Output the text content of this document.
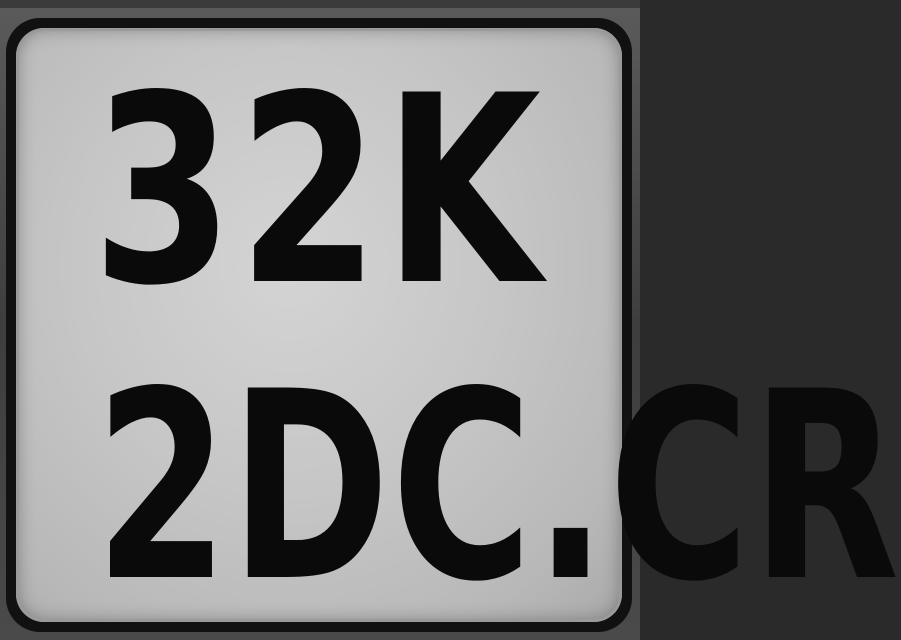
32K
2DC.CR
